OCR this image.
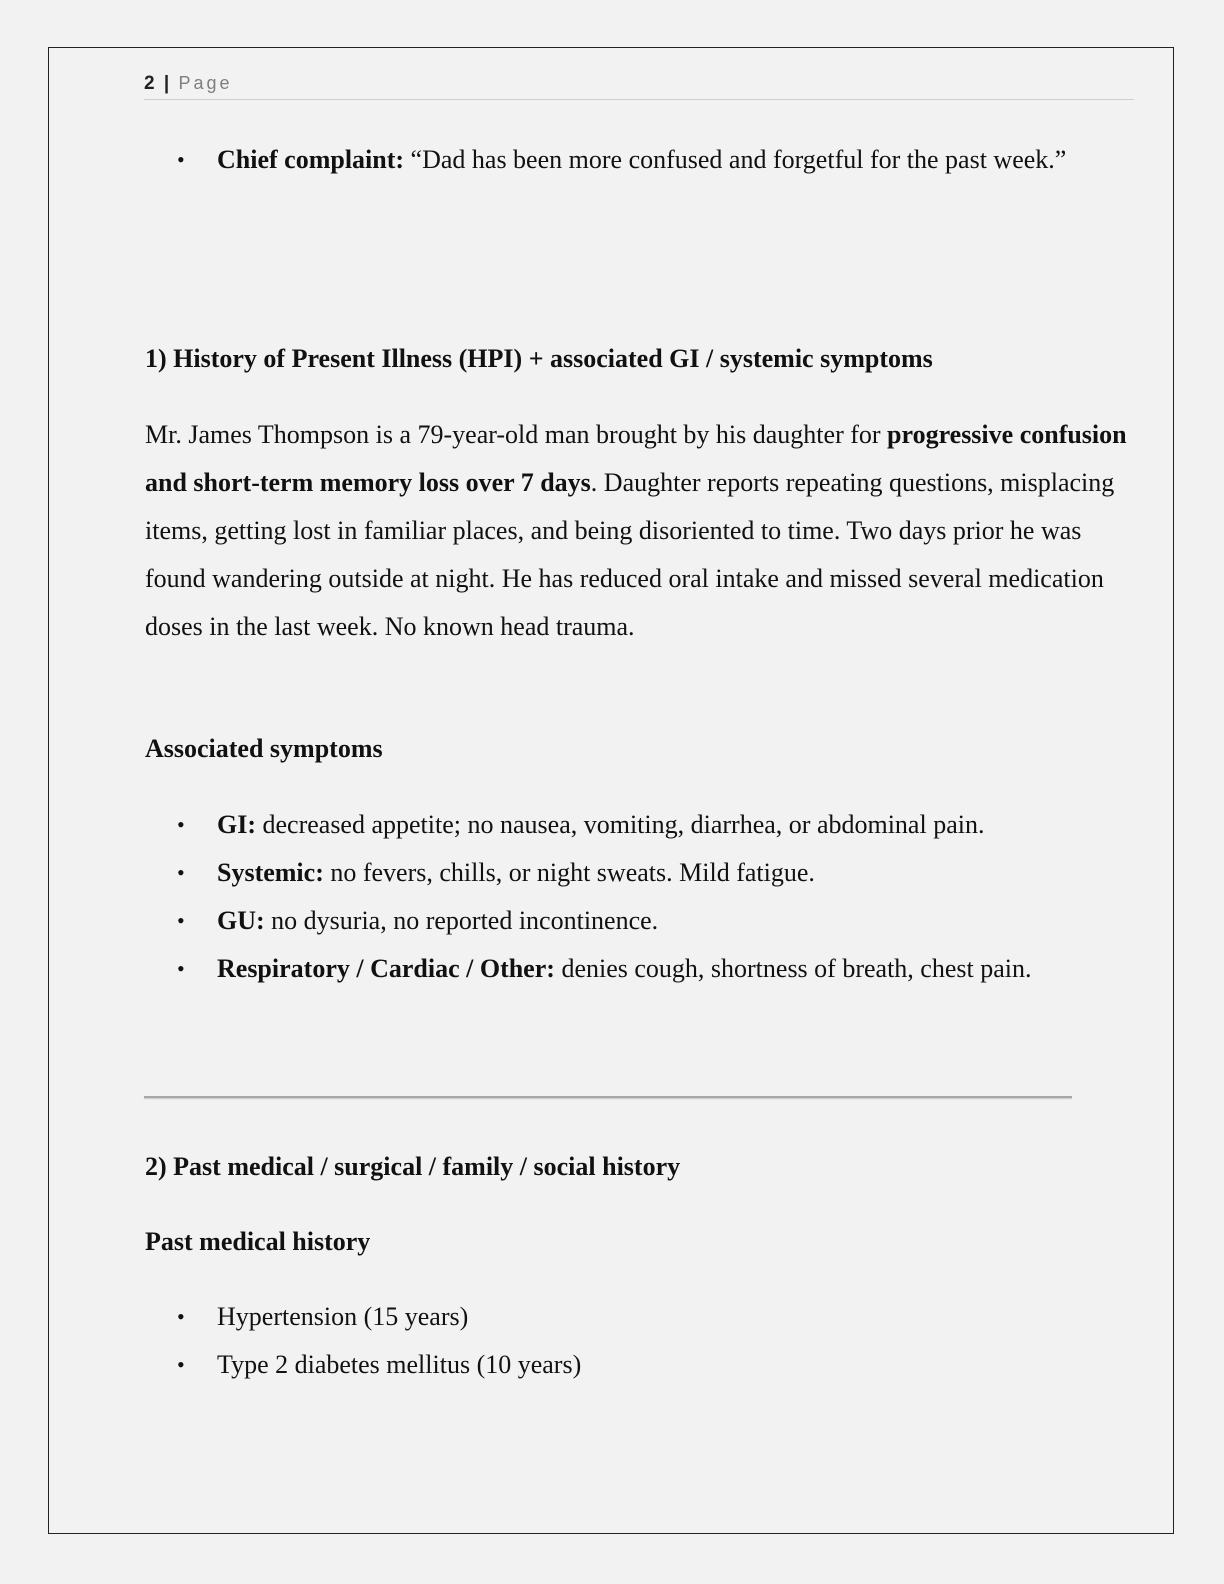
2 | Page
• Chief complaint: “Dad has been more confused and forgetful for the past week.”
1) History of Present Illness (HPI) + associated GI / systemic symptoms

Mr. James Thompson is a 79-year-old man brought by his daughter for progressive confusion and short-term memory loss over 7 days. Daughter reports repeating questions, misplacing items, getting lost in familiar places, and being disoriented to time. Two days prior he was found wandering outside at night. He has reduced oral intake and missed several medication doses in the last week. No known head trauma.

Associated symptoms
• GI: decreased appetite; no nausea, vomiting, diarrhea, or abdominal pain.
• Systemic: no fevers, chills, or night sweats. Mild fatigue.
• GU: no dysuria, no reported incontinence.
• Respiratory / Cardiac / Other: denies cough, shortness of breath, chest pain.
2) Past medical / surgical / family / social history
Past medical history
• Hypertension (15 years)
• Type 2 diabetes mellitus (10 years)
